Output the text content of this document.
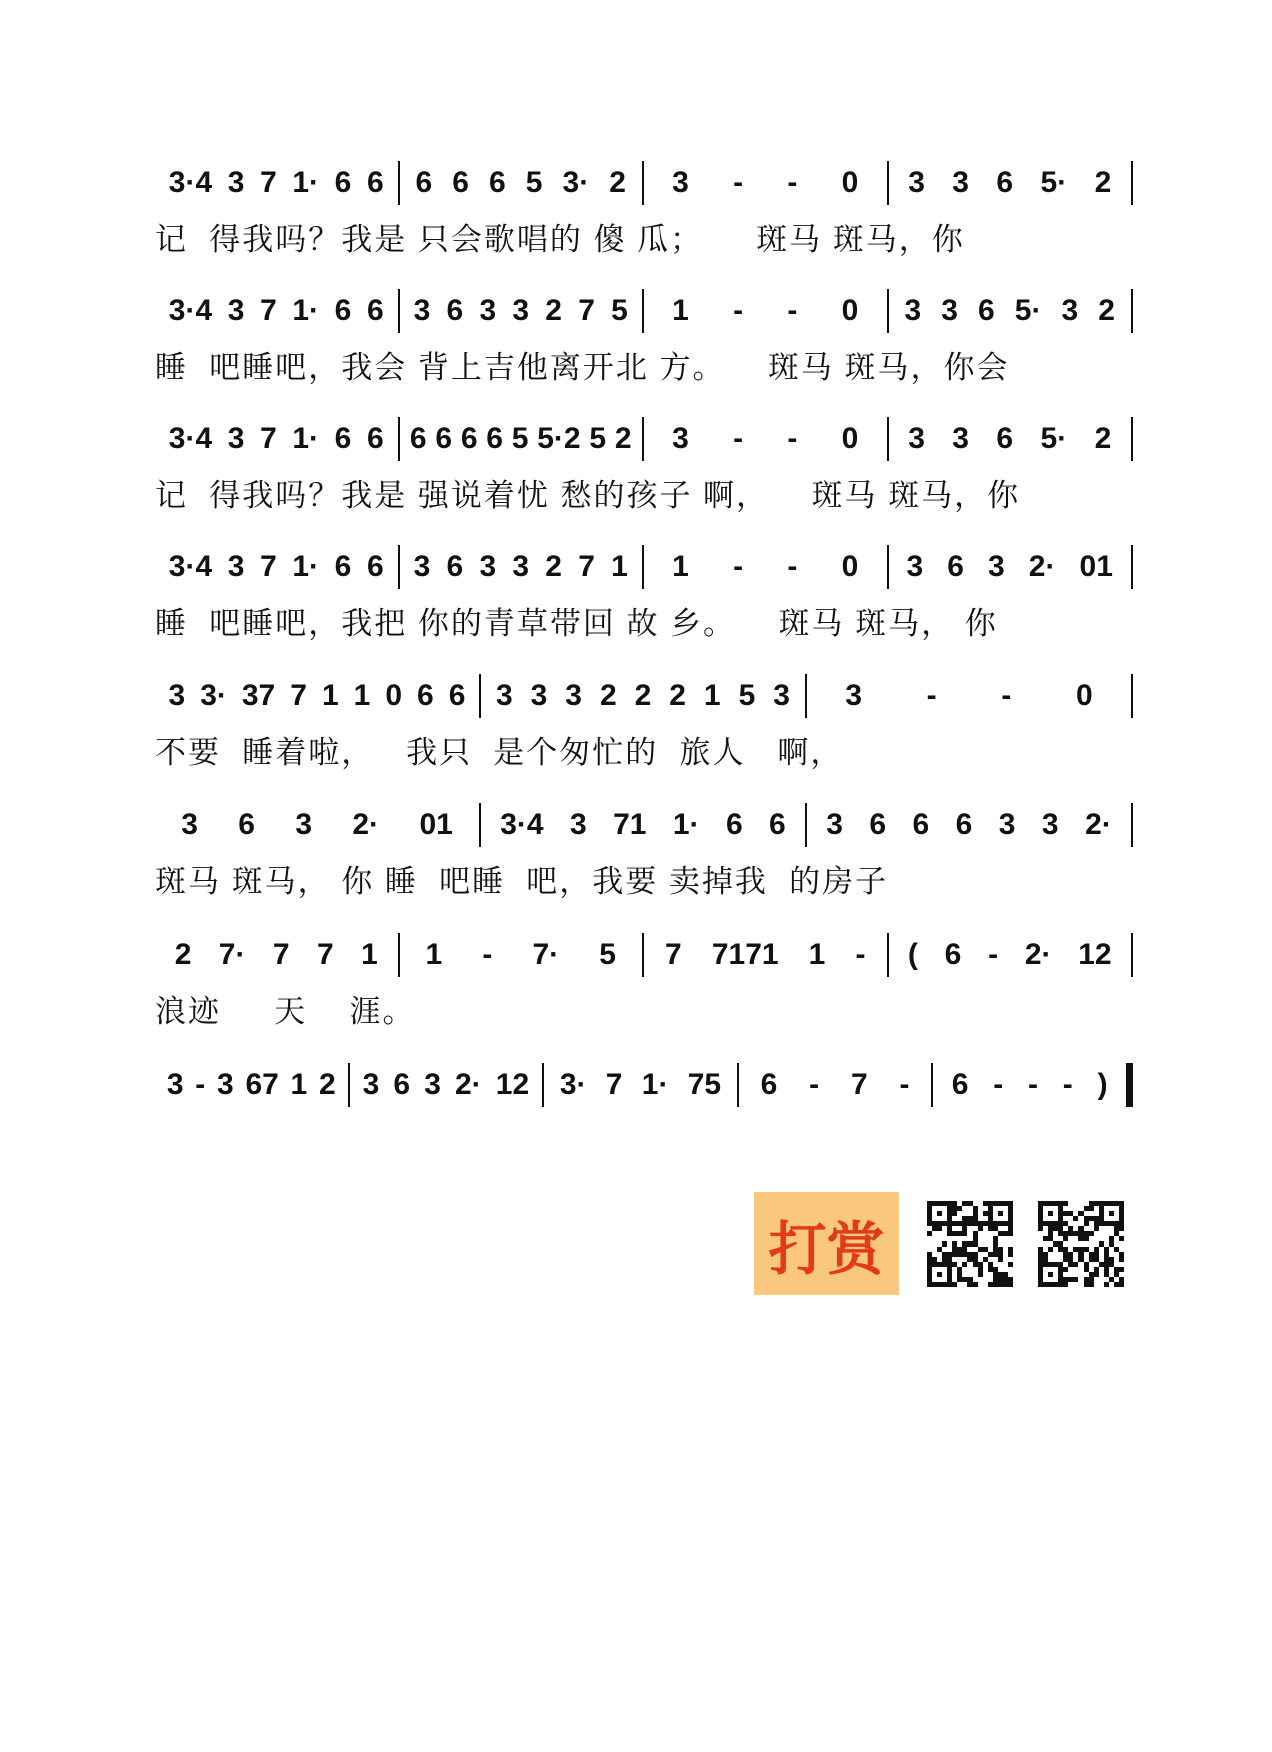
3·4 3 7 1· 6 6 6 6 6 5 3· 2 3 - - 0 3 3 6 5· 2
记  得我吗？我是 只会歌唱的 傻 瓜；     斑马 斑马，你
3·4 3 7 1· 6 6 3 6 3 3 2 7 5 1 - - 0 3 3 6 5· 3 2
睡  吧睡吧，我会 背上吉他离开北 方。    斑马 斑马，你会
3·4 3 7 1· 6 6 6 6 6 6 5 5·2 5 2 3 - - 0 3 3 6 5· 2
记  得我吗？我是 强说着忧 愁的孩子 啊，    斑马 斑马，你
3·4 3 7 1· 6 6 3 6 3 3 2 7 1 1 - - 0 3 6 3 2· 01
睡  吧睡吧，我把 你的青草带回 故 乡。    斑马 斑马， 你
3 3· 37 7 1 1 0 6 6 3 3 3 2 2 2 1 5 3 3 - - 0
不要  睡着啦，   我只  是个匆忙的  旅人   啊，
3 6 3 2· 01 3·4 3 71 1· 6 6 3 6 6 6 3 3 2·
斑马 斑马， 你 睡  吧睡  吧，我要 卖掉我  的房子
2 7· 7 7 1 1 - 7· 5 7 7171 1 - ( 6 - 2· 12
浪迹     天    涯。
3 - 3 67 1 2 3 6 3 2· 12 3· 7 1· 75 6 - 7 - 6 - - - )
打赏
